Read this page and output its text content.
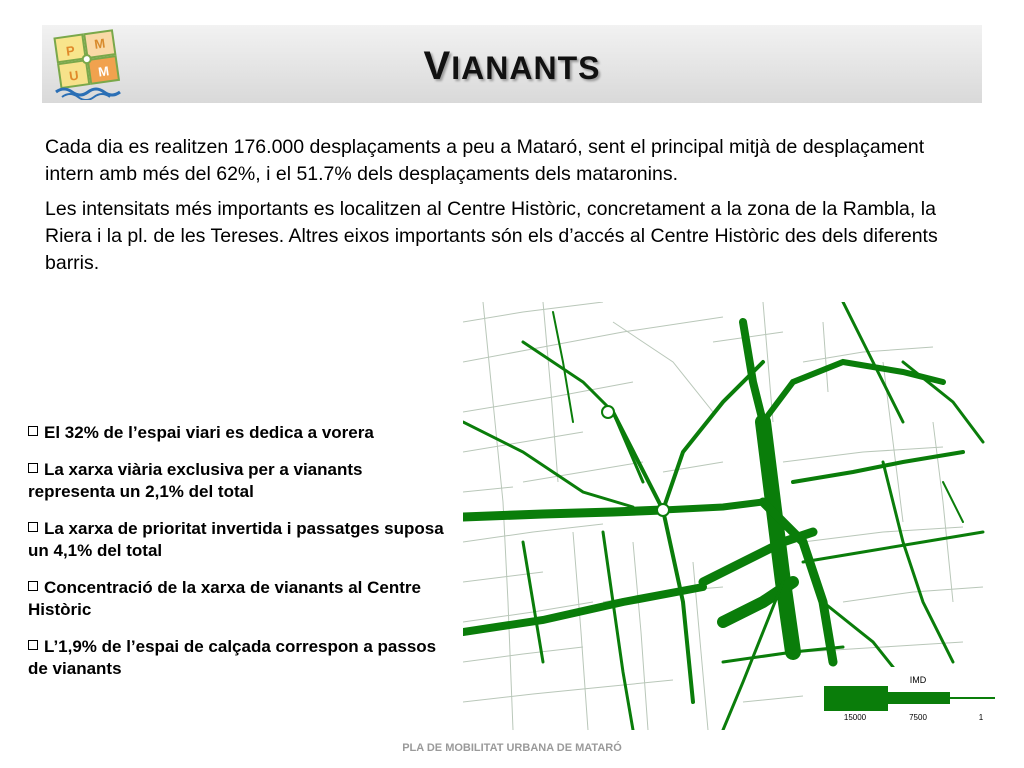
P M
U M	VIANANTS

Cada dia es realitzen 176.000 desplaçaments a peu a Mataró, sent el principal mitjà de desplaçament intern amb més del 62%, i el 51.7% dels desplaçaments dels mataronins.

Les intensitats més importants es localitzen al Centre Històric, concretament a la zona de la Rambla, la Riera i la pl. de les Tereses. Altres eixos importants són els d’accés al Centre Històric des dels diferents barris.

El 32% de l’espai viari es dedica a vorera
La xarxa viària exclusiva per a vianants representa un 2,1% del total
La xarxa de prioritat invertida i passatges suposa un 4,1% del total
Concentració de la xarxa de vianants al Centre Històric
L’1,9% de l’espai de calçada correspon a passos de vianants
IMD
15000	7500	1
PLA DE MOBILITAT URBANA DE MATARÓ
